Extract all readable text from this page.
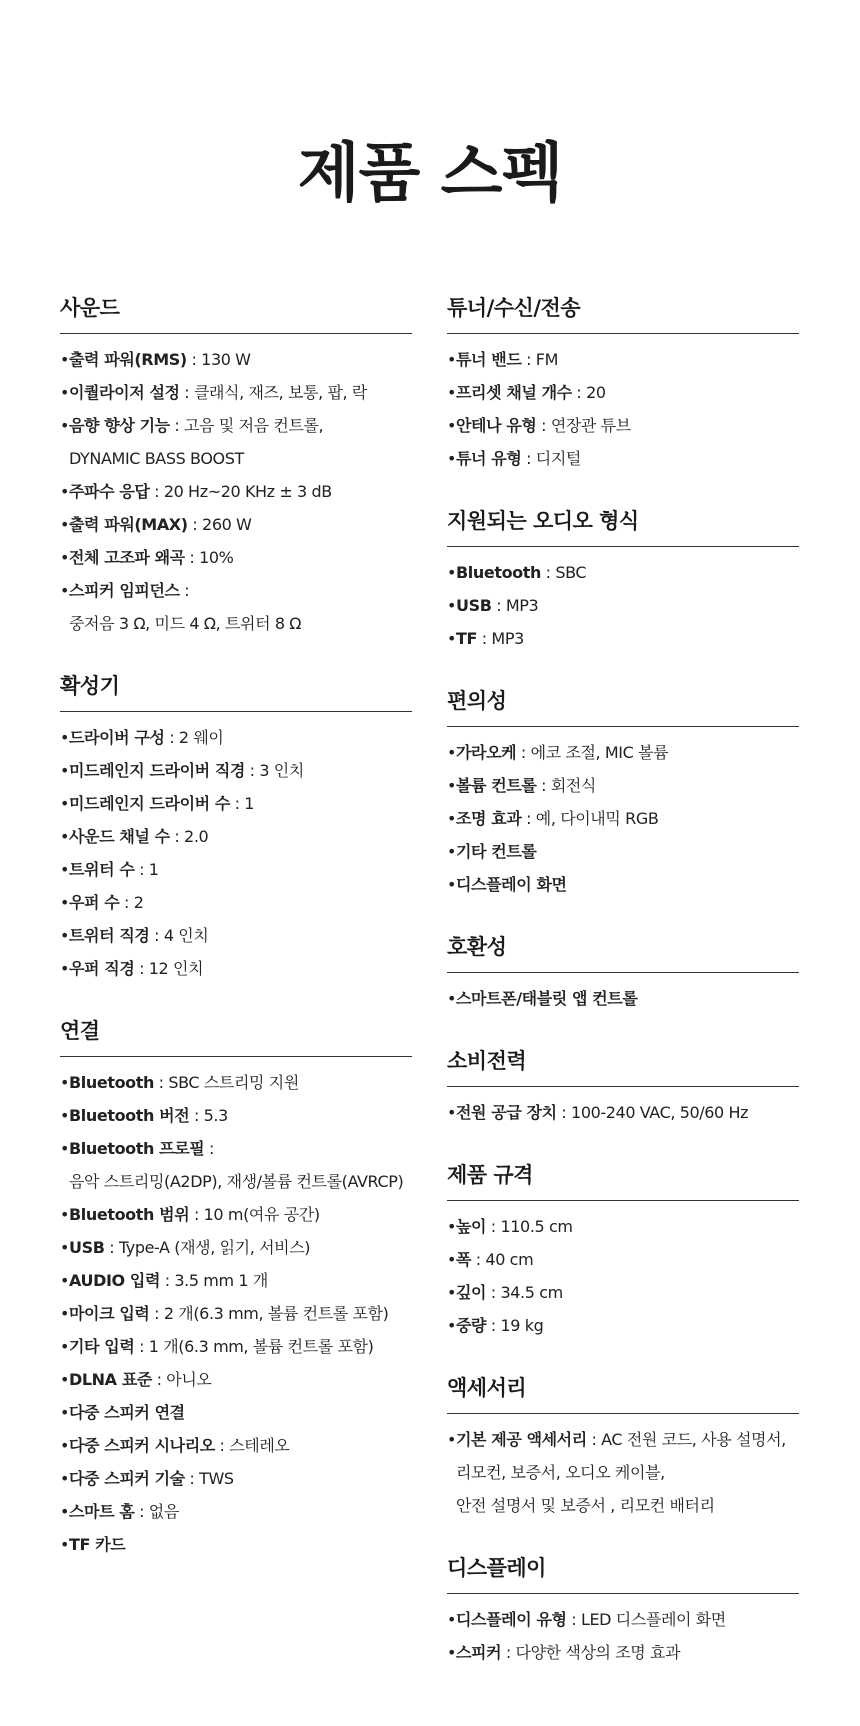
제품 스펙
사운드
•출력 파워(RMS) : 130 W
•이퀄라이저 설정 : 클래식, 재즈, 보통, 팝, 락
•음향 향상 기능 : 고음 및 저음 컨트롤,
DYNAMIC BASS BOOST
•주파수 응답 : 20 Hz~20 KHz ± 3 dB
•출력 파워(MAX) : 260 W
•전체 고조파 왜곡 : 10%
•스피커 임피던스 :
중저음 3 Ω, 미드 4 Ω, 트위터 8 Ω
확성기
•드라이버 구성 : 2 웨이
•미드레인지 드라이버 직경 : 3 인치
•미드레인지 드라이버 수 : 1
•사운드 채널 수 : 2.0
•트위터 수 : 1
•우퍼 수 : 2
•트위터 직경 : 4 인치
•우퍼 직경 : 12 인치
연결
•Bluetooth : SBC 스트리밍 지원
•Bluetooth 버전 : 5.3
•Bluetooth 프로필 :
음악 스트리밍(A2DP), 재생/볼륨 컨트롤(AVRCP)
•Bluetooth 범위 : 10 m(여유 공간)
•USB : Type-A (재생, 읽기, 서비스)
•AUDIO 입력 : 3.5 mm 1 개
•마이크 입력 : 2 개(6.3 mm, 볼륨 컨트롤 포함)
•기타 입력 : 1 개(6.3 mm, 볼륨 컨트롤 포함)
•DLNA 표준 : 아니오
•다중 스피커 연결
•다중 스피커 시나리오 : 스테레오
•다중 스피커 기술 : TWS
•스마트 홈 : 없음
•TF 카드
튜너/수신/전송
•튜너 밴드 : FM
•프리셋 채널 개수 : 20
•안테나 유형 : 연장관 튜브
•튜너 유형 : 디지털
지원되는 오디오 형식
•Bluetooth : SBC
•USB : MP3
•TF : MP3
편의성
•가라오케 : 에코 조절, MIC 볼륨
•볼륨 컨트롤 : 회전식
•조명 효과 : 예, 다이내믹 RGB
•기타 컨트롤
•디스플레이 화면
호환성
•스마트폰/태블릿 앱 컨트롤
소비전력
•전원 공급 장치 : 100-240 VAC, 50/60 Hz
제품 규격
•높이 : 110.5 cm
•폭 : 40 cm
•깊이 : 34.5 cm
•중량 : 19 kg
액세서리
•기본 제공 액세서리 : AC 전원 코드, 사용 설명서,
리모컨, 보증서, 오디오 케이블,
안전 설명서 및 보증서 , 리모컨 배터리
디스플레이
•디스플레이 유형 : LED 디스플레이 화면
•스피커 : 다양한 색상의 조명 효과
